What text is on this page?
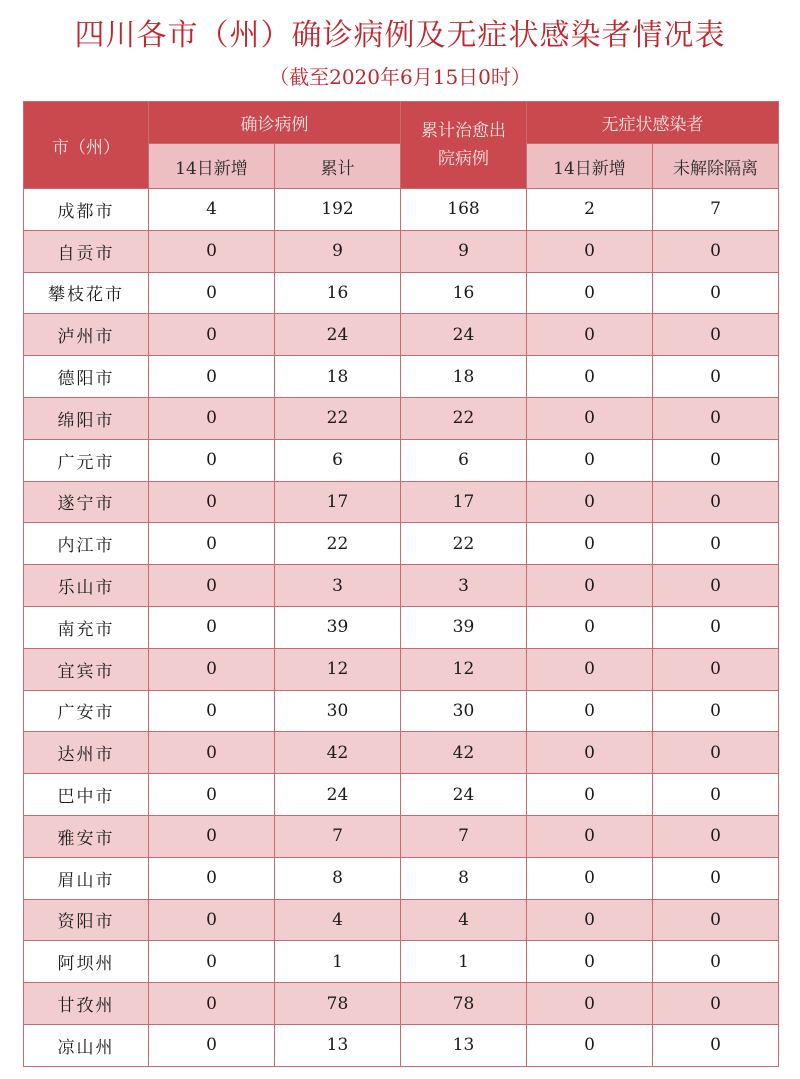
四川各市（州）确诊病例及无症状感染者情况表
（截至2020年6月15日0时）
市（州）	确诊病例		累计治愈出院病例	无症状感染者	
	14日新增	累计		14日新增	未解除隔离
成都市	4	192	168	2	7
自贡市	0	9	9	0	0
攀枝花市	0	16	16	0	0
泸州市	0	24	24	0	0
德阳市	0	18	18	0	0
绵阳市	0	22	22	0	0
广元市	0	6	6	0	0
遂宁市	0	17	17	0	0
内江市	0	22	22	0	0
乐山市	0	3	3	0	0
南充市	0	39	39	0	0
宜宾市	0	12	12	0	0
广安市	0	30	30	0	0
达州市	0	42	42	0	0
巴中市	0	24	24	0	0
雅安市	0	7	7	0	0
眉山市	0	8	8	0	0
资阳市	0	4	4	0	0
阿坝州	0	1	1	0	0
甘孜州	0	78	78	0	0
凉山州	0	13	13	0	0
